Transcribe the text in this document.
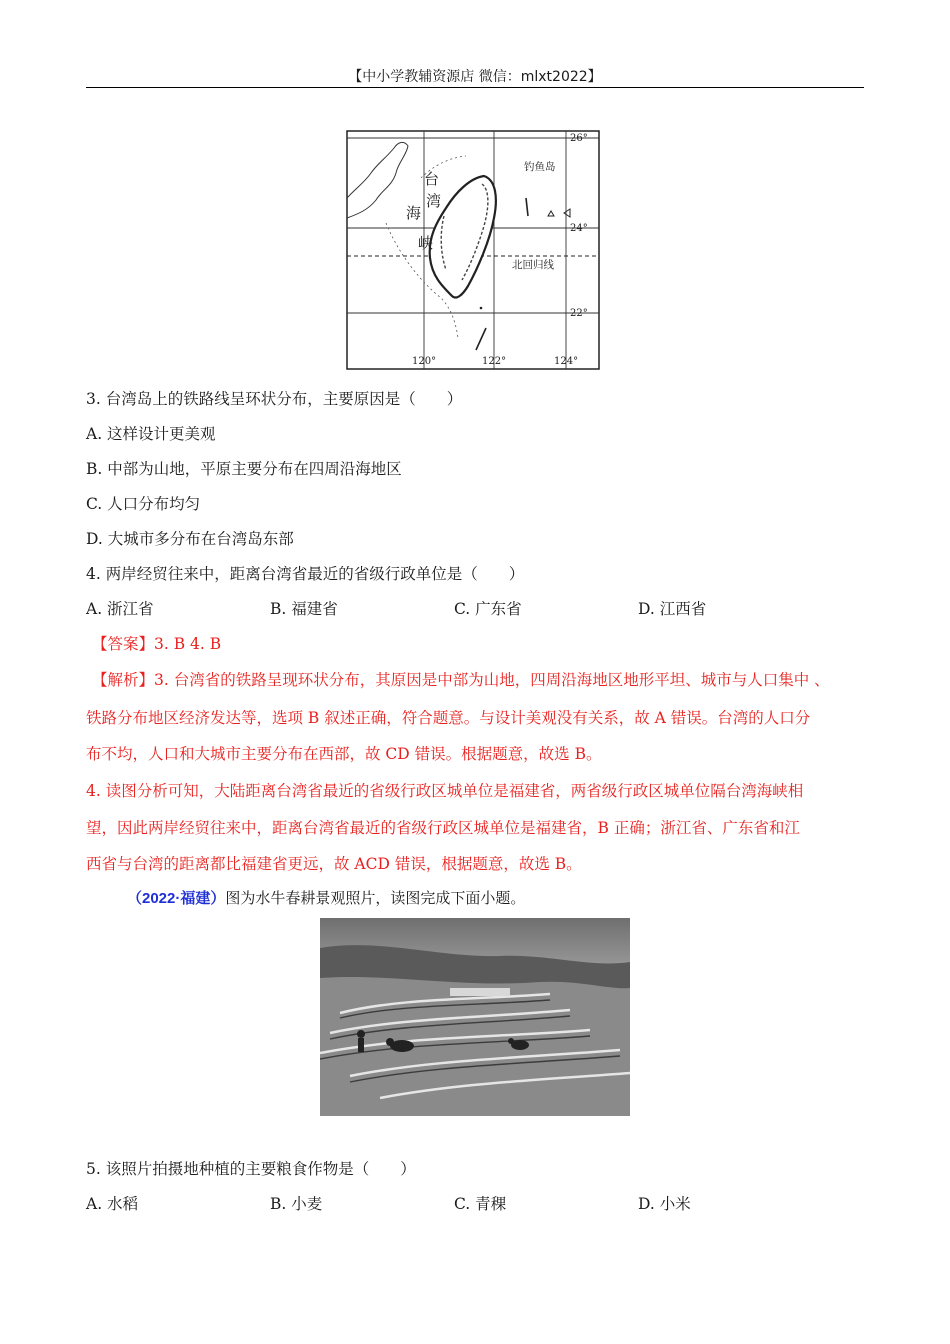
【中小学教辅资源店 微信：mlxt2022】
26°
24°
22°
120°	122°	124°
钓鱼岛
北回归线
台
湾
海
峡
3. 台湾岛上的铁路线呈环状分布，主要原因是（　　）
A. 这样设计更美观
B. 中部为山地，平原主要分布在四周沿海地区
C. 人口分布均匀
D. 大城市多分布在台湾岛东部
4. 两岸经贸往来中，距离台湾省最近的省级行政单位是（　　）
A. 浙江省	B. 福建省	C. 广东省	D. 江西省
【答案】3. B 4. B
【解析】3. 台湾省的铁路呈现环状分布，其原因是中部为山地，四周沿海地区地形平坦、城市与人口集中 、
铁路分布地区经济发达等，选项 B 叙述正确，符合题意。与设计美观没有关系，故 A 错误。台湾的人口分
布不均，人口和大城市主要分布在西部，故 CD 错误。根据题意，故选 B。
4. 读图分析可知，大陆距离台湾省最近的省级行政区城单位是福建省，两省级行政区城单位隔台湾海峡相
望，因此两岸经贸往来中，距离台湾省最近的省级行政区城单位是福建省，B 正确；浙江省、广东省和江
西省与台湾的距离都比福建省更远，故 ACD 错误，根据题意，故选 B。
（2022·福建）图为水牛春耕景观照片，读图完成下面小题。
5. 该照片拍摄地种植的主要粮食作物是（　　）
A. 水稻	B. 小麦	C. 青稞	D. 小米
